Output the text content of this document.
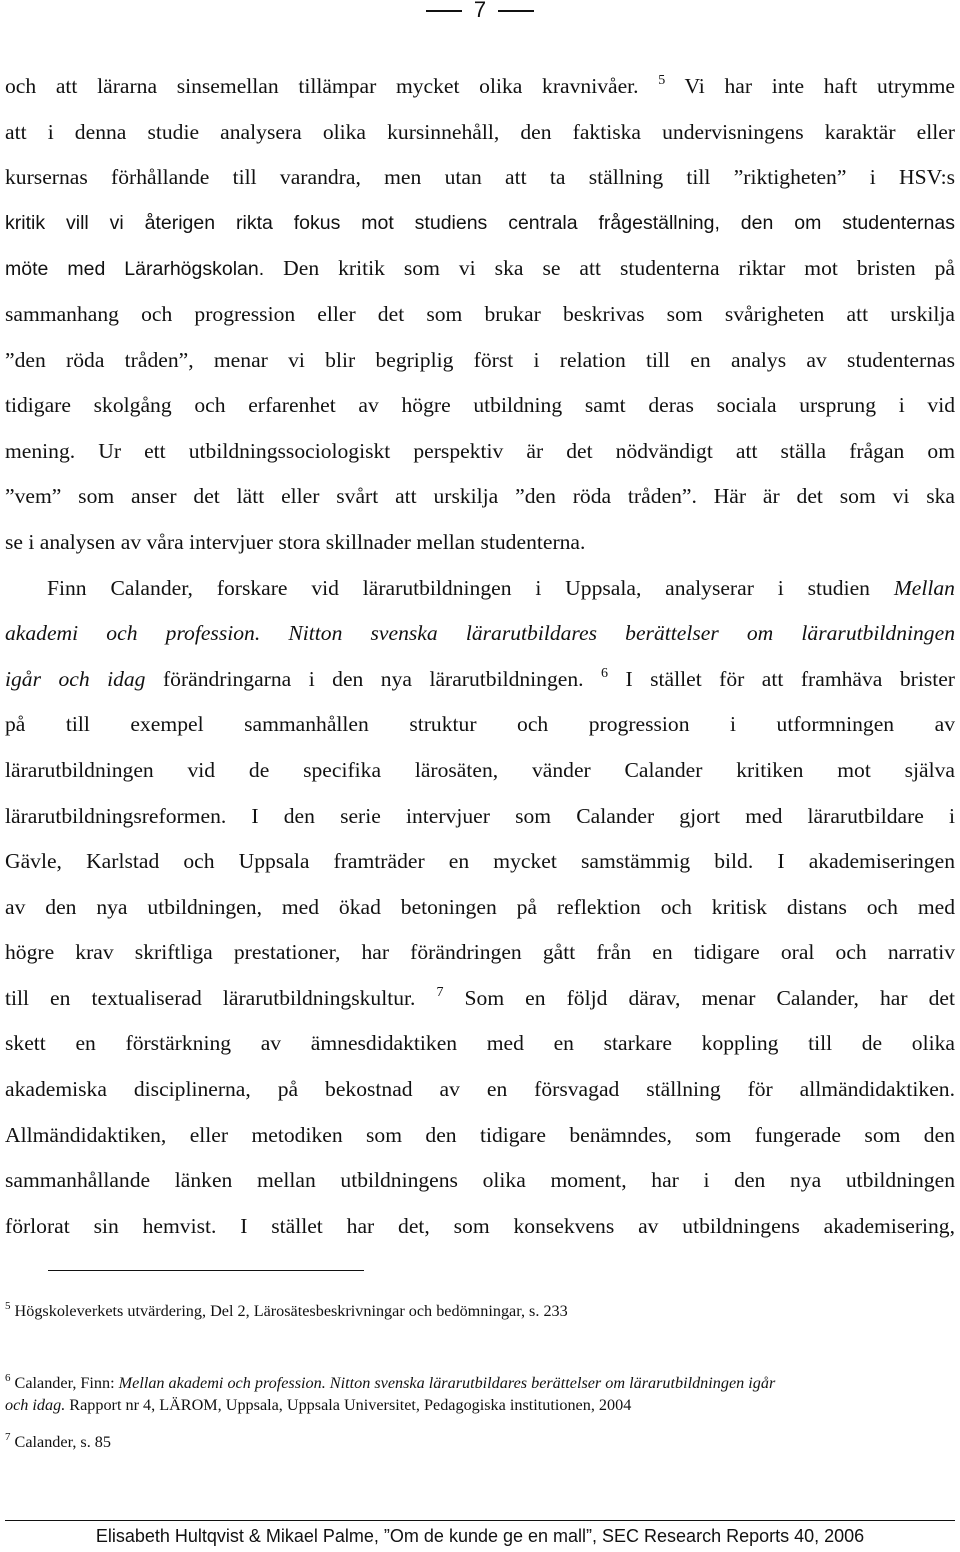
7
och att lärarna sinsemellan tillämpar mycket olika kravnivåer. $^5$ Vi har inte haft utrymme
att i denna studie analysera olika kursinnehåll, den faktiska undervisningens karaktär eller
kursernas förhållande till varandra, men utan att ta ställning till ”riktigheten” i HSV:s
kritik vill vi återigen rikta fokus mot studiens centrala frågeställning, den om studenternas
möte med Lärarhögskolan. Den kritik som vi ska se att studenterna riktar mot bristen på
sammanhang och progression eller det som brukar beskrivas som svårigheten att urskilja
”den röda tråden”, menar vi blir begriplig först i relation till en analys av studenternas
tidigare skolgång och erfarenhet av högre utbildning samt deras sociala ursprung i vid
mening. Ur ett utbildningssociologiskt perspektiv är det nödvändigt att ställa frågan om
”vem” som anser det lätt eller svårt att urskilja ”den röda tråden”. Här är det som vi ska
se i analysen av våra intervjuer stora skillnader mellan studenterna.
Finn Calander, forskare vid lärarutbildningen i Uppsala, analyserar i studien Mellan
akademi och profession. Nitton svenska lärarutbildares berättelser om lärarutbildningen
igår och idag förändringarna i den nya lärarutbildningen. $^6$ I stället för att framhäva brister
på till exempel sammanhållen struktur och progression i utformningen av
lärarutbildningen vid de specifika lärosäten, vänder Calander kritiken mot själva
lärarutbildningsreformen. I den serie intervjuer som Calander gjort med lärarutbildare i
Gävle, Karlstad och Uppsala framträder en mycket samstämmig bild. I akademiseringen
av den nya utbildningen, med ökad betoningen på reflektion och kritisk distans och med
högre krav skriftliga prestationer, har förändringen gått från en tidigare oral och narrativ
till en textualiserad lärarutbildningskultur. $^7$ Som en följd därav, menar Calander, har det
skett en förstärkning av ämnesdidaktiken med en starkare koppling till de olika
akademiska disciplinerna, på bekostnad av en försvagad ställning för allmändidaktiken.
Allmändidaktiken, eller metodiken som den tidigare benämndes, som fungerade som den
sammanhållande länken mellan utbildningens olika moment, har i den nya utbildningen
förlorat sin hemvist. I stället har det, som konsekvens av utbildningens akademisering,
$^5$ Högskoleverkets utvärdering, Del 2, Lärosätesbeskrivningar och bedömningar, s. 233
$^6$ Calander, Finn: Mellan akademi och profession. Nitton svenska lärarutbildares berättelser om lärarutbildningen igår
och idag. Rapport nr 4, LÄROM, Uppsala, Uppsala Universitet, Pedagogiska institutionen, 2004
$^7$ Calander, s. 85
Elisabeth Hultqvist & Mikael Palme, ”Om de kunde ge en mall”, SEC Research Reports 40, 2006
